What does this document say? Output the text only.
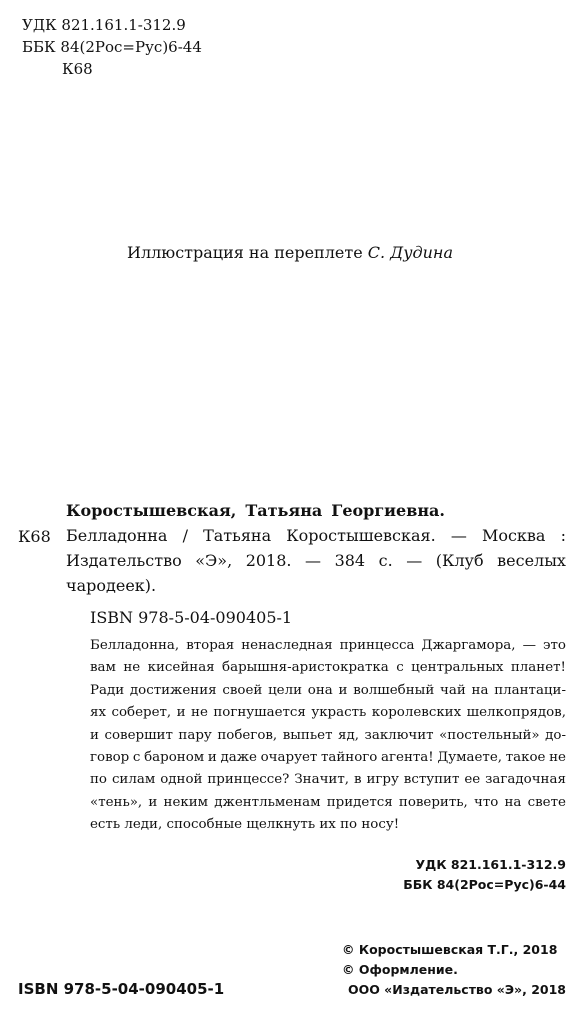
УДК 821.161.1-312.9
ББК 84(2Рос=Рус)6-44
К68
Иллюстрация на переплете С. Дудина
К68
Коростышевская, Татьяна Георгиевна.
Белладонна / Татьяна Коростышевская. — Москва :
Издательство «Э», 2018. — 384 с. — (Клуб веселых
чародеек).
ISBN 978-5-04-090405-1
Белладонна, вторая ненаследная принцесса Джаргамора, — это
вам не кисейная барышня-аристократка с центральных планет!
Ради достижения своей цели она и волшебный чай на плантаци-
ях соберет, и не погнушается украсть королевских шелкопрядов,
и совершит пару побегов, выпьет яд, заключит «постельный» до-
говор с бароном и даже очарует тайного агента! Думаете, такое не
по силам одной принцессе? Значит, в игру вступит ее загадочная
«тень», и неким джентльменам придется поверить, что на свете
есть леди, способные щелкнуть их по носу!
УДК 821.161.1-312.9
ББК 84(2Рос=Рус)6-44
ISBN 978-5-04-090405-1
© Коростышевская Т.Г., 2018
© Оформление.
ООО «Издательство «Э», 2018
